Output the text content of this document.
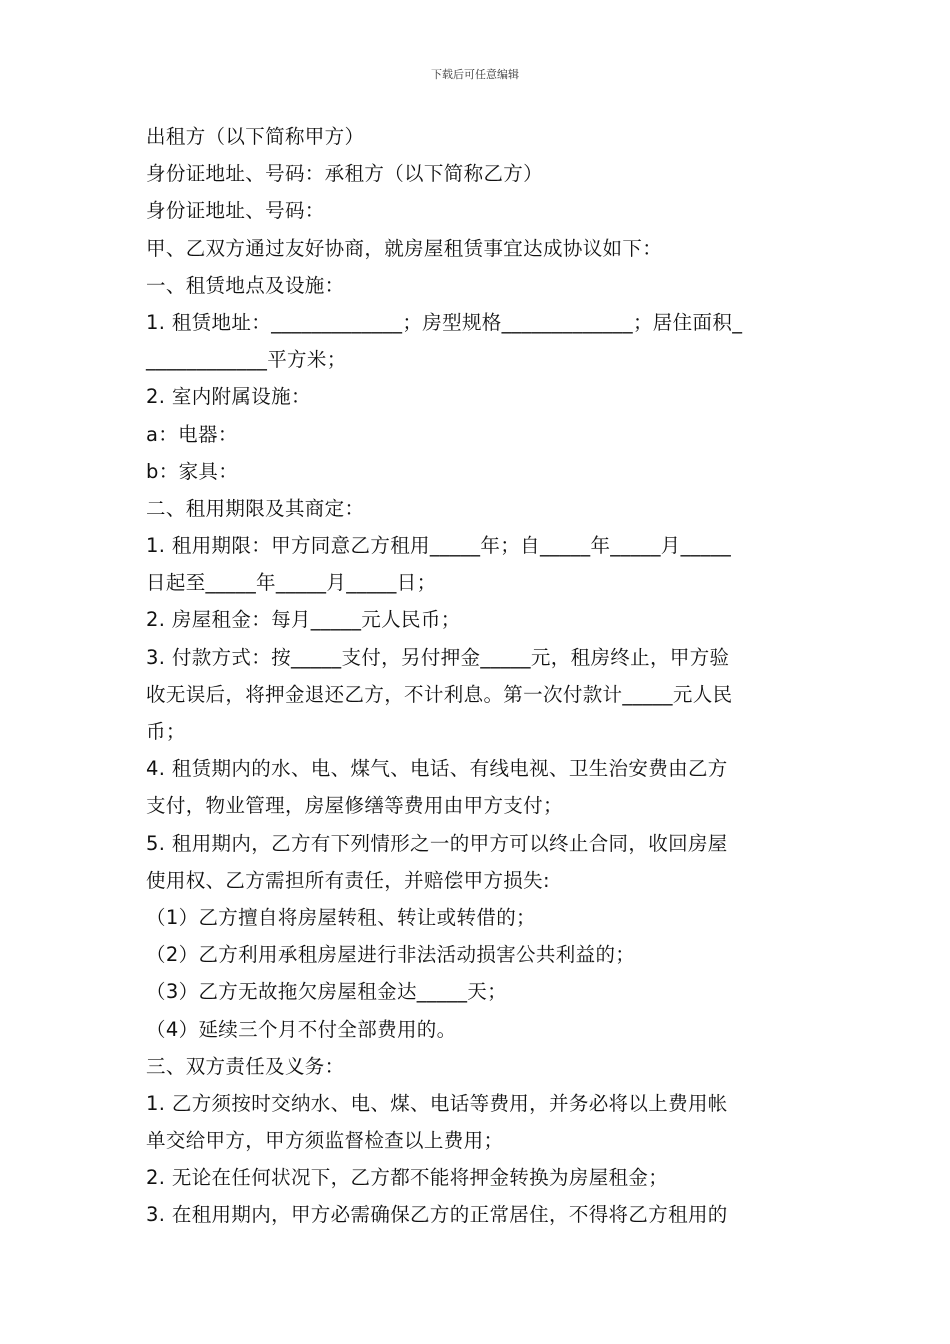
下载后可任意编辑
出租方（以下简称甲方）
身份证地址、号码：承租方（以下简称乙方）
身份证地址、号码：
甲、乙双方通过友好协商，就房屋租赁事宜达成协议如下：
一、租赁地点及设施：
1. 租赁地址：_____________；房型规格_____________；居住面积_
____________平方米；
2. 室内附属设施：
a：电器：
b：家具：
二、租用期限及其商定：
1. 租用期限：甲方同意乙方租用_____年；自_____年_____月_____
日起至_____年_____月_____日；
2. 房屋租金：每月_____元人民币；
3. 付款方式：按_____支付，另付押金_____元，租房终止，甲方验
收无误后，将押金退还乙方，不计利息。第一次付款计_____元人民
币；
4. 租赁期内的水、电、煤气、电话、有线电视、卫生治安费由乙方
支付，物业管理，房屋修缮等费用由甲方支付；
5. 租用期内，乙方有下列情形之一的甲方可以终止合同，收回房屋
使用权、乙方需担所有责任，并赔偿甲方损失:
（1）乙方擅自将房屋转租、转让或转借的；
（2）乙方利用承租房屋进行非法活动损害公共利益的；
（3）乙方无故拖欠房屋租金达_____天；
（4）延续三个月不付全部费用的。
三、双方责任及义务：
1. 乙方须按时交纳水、电、煤、电话等费用，并务必将以上费用帐
单交给甲方，甲方须监督检查以上费用；
2. 无论在任何状况下，乙方都不能将押金转换为房屋租金；
3. 在租用期内，甲方必需确保乙方的正常居住，不得将乙方租用的
